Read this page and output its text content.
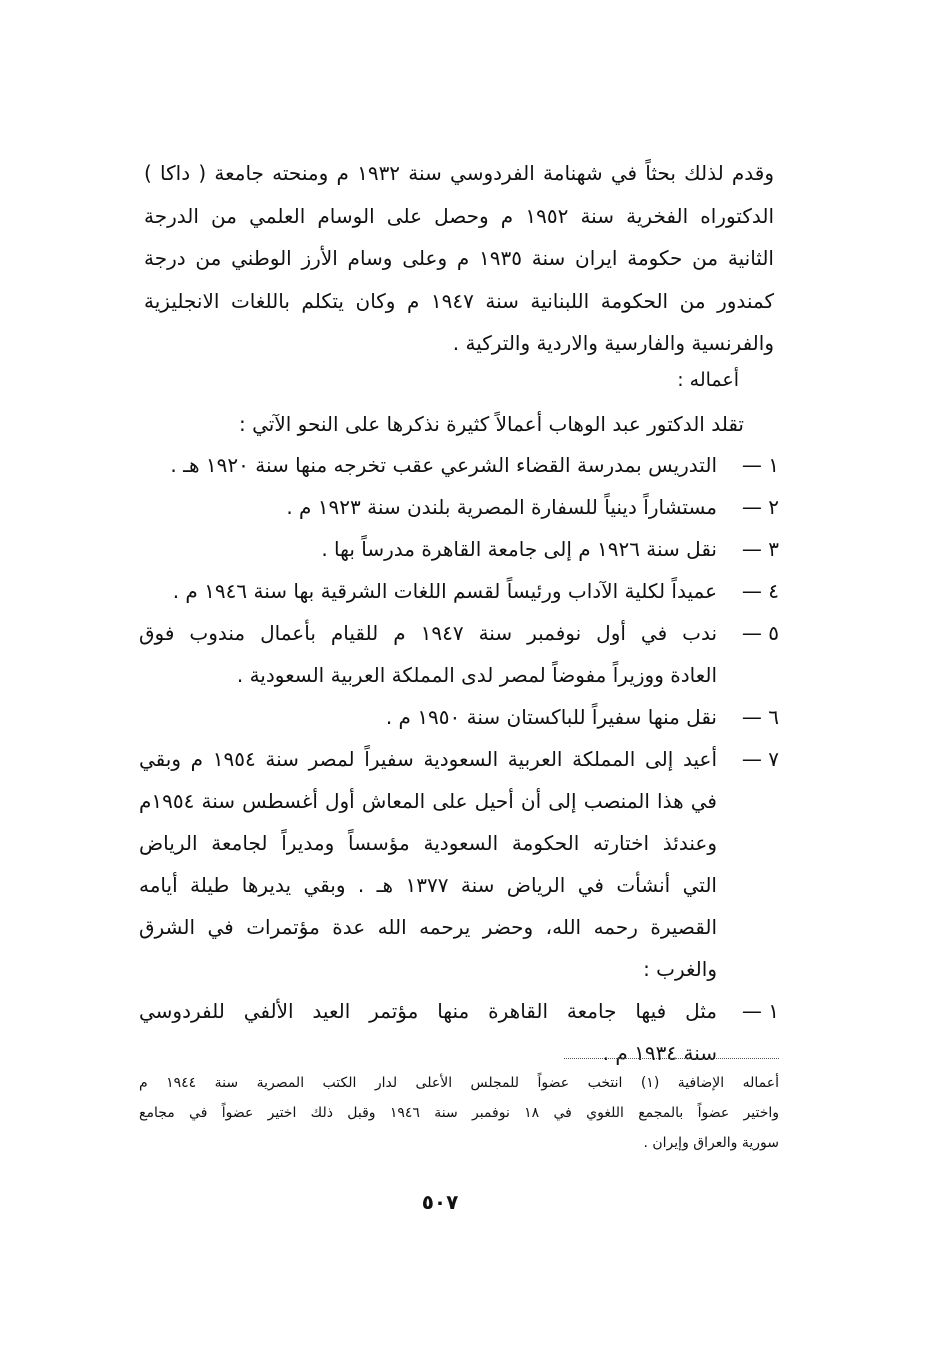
وقدم لذلك بحثاً في شهنامة الفردوسي سنة ١٩٣٢ م ومنحته جامعة ( داكا )
الدكتوراه الفخرية سنة ١٩٥٢ م وحصل على الوسام العلمي من الدرجة
الثانية من حكومة ايران سنة ١٩٣٥ م وعلى وسام الأرز الوطني من درجة
كمندور من الحكومة اللبنانية سنة ١٩٤٧ م وكان يتكلم باللغات الانجليزية
والفرنسية والفارسية والاردية والتركية .
أعماله :
تقلد الدكتور عبد الوهاب أعمالاً كثيرة نذكرها على النحو الآتي :
١ —
التدريس بمدرسة القضاء الشرعي عقب تخرجه منها سنة ١٩٢٠ هـ .
٢ —
مستشاراً دينياً للسفارة المصرية بلندن سنة ١٩٢٣ م .
٣ —
نقل سنة ١٩٢٦ م إلى جامعة القاهرة مدرساً بها .
٤ —
عميداً لكلية الآداب ورئيساً لقسم اللغات الشرقية بها سنة ١٩٤٦ م .
٥ —
ندب في أول نوفمبر سنة ١٩٤٧ م للقيام بأعمال مندوب فوق
العادة ووزيراً مفوضاً لمصر لدى المملكة العربية السعودية .
٦ —
نقل منها سفيراً للباكستان سنة ١٩٥٠ م .
٧ —
أعيد إلى المملكة العربية السعودية سفيراً لمصر سنة ١٩٥٤ م وبقي
في هذا المنصب إلى أن أحيل على المعاش أول أغسطس سنة ١٩٥٤م
وعندئذ اختارته الحكومة السعودية مؤسساً ومديراً لجامعة الرياض
التي أنشأت في الرياض سنة ١٣٧٧ هـ . وبقي يديرها طيلة أيامه
القصيرة رحمه الله، وحضر يرحمه الله عدة مؤتمرات في الشرق
والغرب :
١ —
مثل فيها جامعة القاهرة منها مؤتمر العيد الألفي للفردوسي
سنة ١٩٣٤ م .
أعماله الإضافية (١) انتخب عضواً للمجلس الأعلى لدار الكتب المصرية سنة ١٩٤٤ م
واختير عضواً بالمجمع اللغوي في ١٨ نوفمبر سنة ١٩٤٦ وقبل ذلك اختير عضواً في مجامع
سورية والعراق وإيران .
٥٠٧
